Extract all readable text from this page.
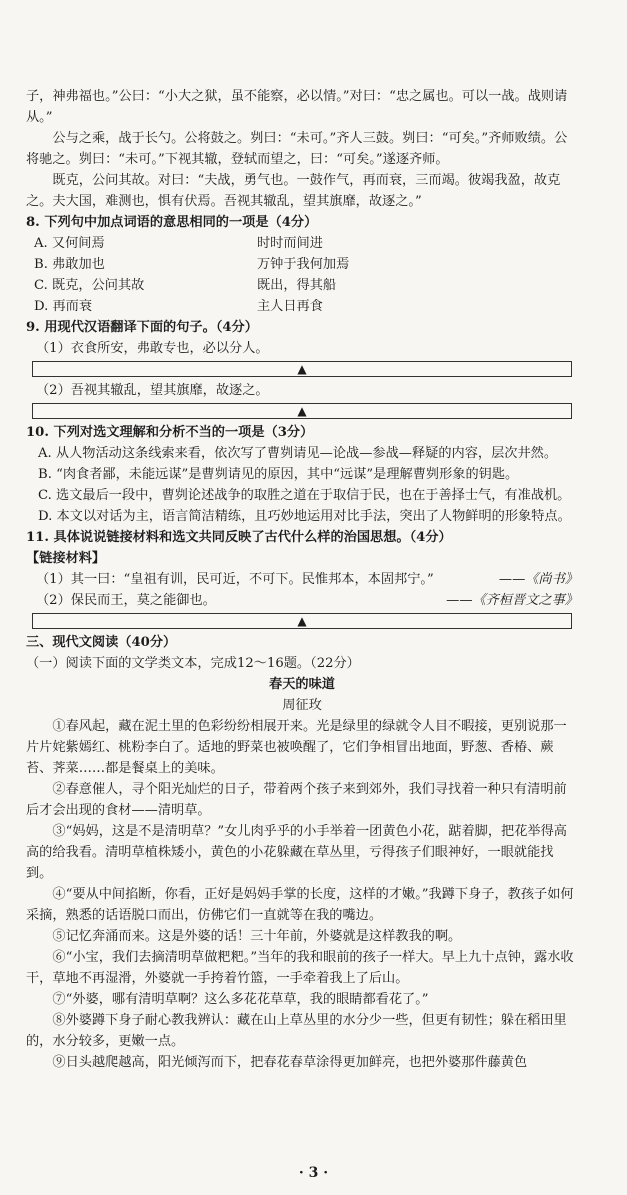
子，神弗福也。”公曰：“小大之狱，虽不能察，必以情。”对曰：“忠之属也。可以一战。战则请从。”

公与之乘，战于长勺。公将鼓之。刿曰：“未可。”齐人三鼓。刿曰：“可矣。”齐师败绩。公将驰之。刿曰：“未可。”下视其辙，登轼而望之，曰：“可矣。”遂逐齐师。

既克，公问其故。对曰：“夫战，勇气也。一鼓作气，再而衰，三而竭。彼竭我盈，故克之。夫大国，难测也，惧有伏焉。吾视其辙乱，望其旗靡，故逐之。”

8. 下列句中加点词语的意思相同的一项是（4分）

A. 又何间焉	时时而间进
B. 弗敢加也	万钟于我何加焉
C. 既克，公问其故	既出，得其船
D. 再而衰	主人日再食

9. 用现代汉语翻译下面的句子。（4分）

（1）衣食所安，弗敢专也，必以分人。

▲

（2）吾视其辙乱，望其旗靡，故逐之。

▲

10. 下列对选文理解和分析不当的一项是（3分）

A. 从人物活动这条线索来看，依次写了曹刿请见—论战—参战—释疑的内容，层次井然。

B. “肉食者鄙，未能远谋”是曹刿请见的原因，其中“远谋”是理解曹刿形象的钥匙。

C. 选文最后一段中，曹刿论述战争的取胜之道在于取信于民，也在于善择士气，有准战机。

D. 本文以对话为主，语言简洁精练，且巧妙地运用对比手法，突出了人物鲜明的形象特点。

11. 具体说说链接材料和选文共同反映了古代什么样的治国思想。（4分）

【链接材料】

（1）其一曰：“皇祖有训，民可近，不可下。民惟邦本，本固邦宁。”	——《尚书》
（2）保民而王，莫之能御也。	——《齐桓晋文之事》
▲

三、现代文阅读（40分）

（一）阅读下面的文学类文本，完成12～16题。（22分）

春天的味道

周征玫

①春风起，藏在泥土里的色彩纷纷相展开来。光是绿里的绿就令人目不暇接，更别说那一片片姹紫嫣红、桃粉李白了。适地的野菜也被唤醒了，它们争相冒出地面，野葱、香椿、蕨苔、荠菜……都是餐桌上的美味。

②春意催人，寻个阳光灿烂的日子，带着两个孩子来到郊外，我们寻找着一种只有清明前后才会出现的食材——清明草。

③“妈妈，这是不是清明草？”女儿肉乎乎的小手举着一团黄色小花，踮着脚，把花举得高高的给我看。清明草植株矮小，黄色的小花躲藏在草丛里，亏得孩子们眼神好，一眼就能找到。

④“要从中间掐断，你看，正好是妈妈手掌的长度，这样的才嫩。”我蹲下身子，教孩子如何采摘，熟悉的话语脱口而出，仿佛它们一直就等在我的嘴边。

⑤记忆奔涌而来。这是外婆的话！三十年前，外婆就是这样教我的啊。

⑥“小宝，我们去摘清明草做粑粑。”当年的我和眼前的孩子一样大。早上九十点钟，露水收干，草地不再湿滑，外婆就一手挎着竹篮，一手牵着我上了后山。

⑦“外婆，哪有清明草啊？这么多花花草草，我的眼睛都看花了。”

⑧外婆蹲下身子耐心教我辨认：藏在山上草丛里的水分少一些，但更有韧性；躲在稻田里的，水分较多，更嫩一点。

⑨日头越爬越高，阳光倾泻而下，把春花春草涂得更加鲜亮，也把外婆那件藤黄色

· 3 ·
